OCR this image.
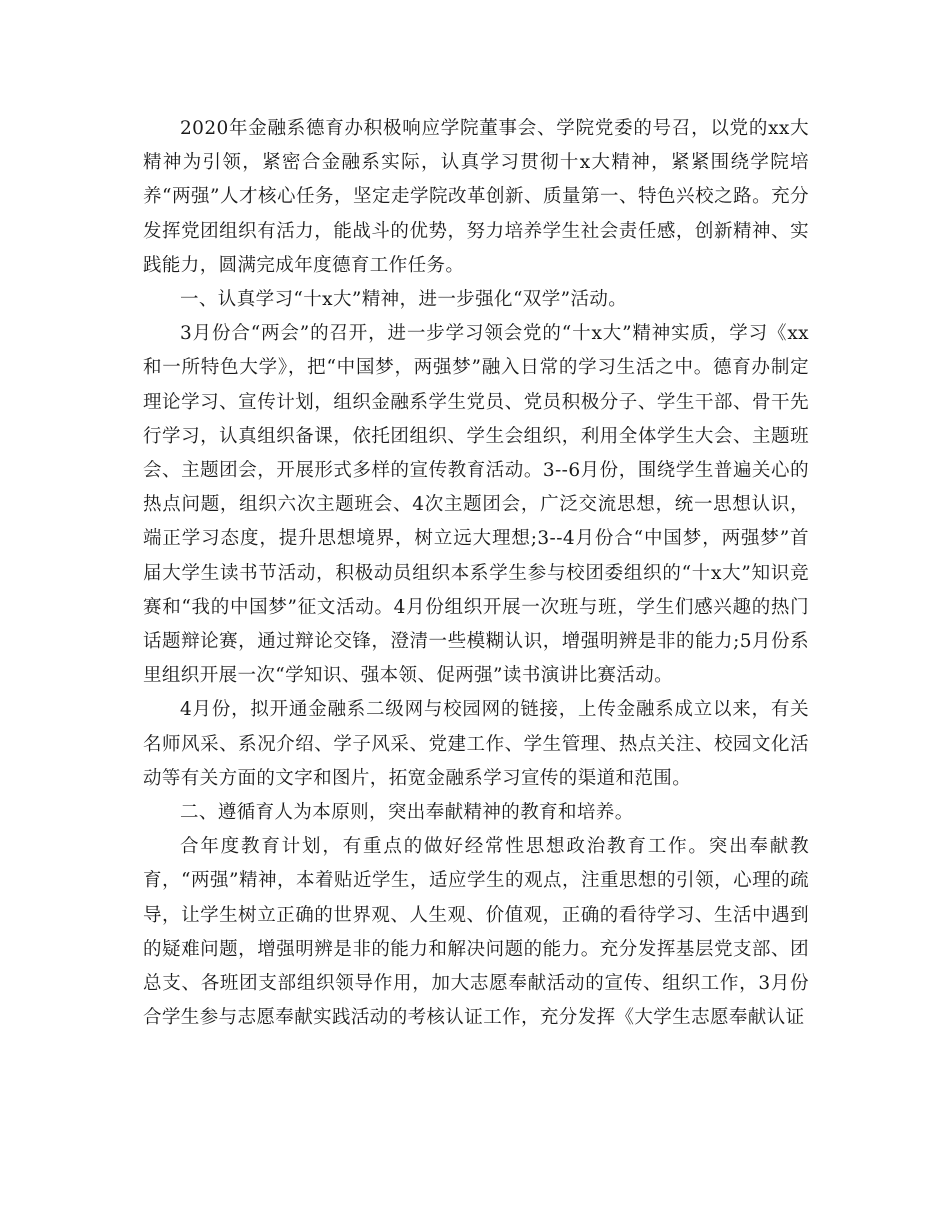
2020年金融系德育办积极响应学院董事会、学院党委的号召，以党的xx大精神为引领，紧密合金融系实际，认真学习贯彻十x大精神，紧紧围绕学院培养“两强”人才核心任务，坚定走学院改革创新、质量第一、特色兴校之路。充分发挥党团组织有活力，能战斗的优势，努力培养学生社会责任感，创新精神、实践能力，圆满完成年度德育工作任务。

一、认真学习“十x大”精神，进一步强化“双学”活动。

3月份合“两会”的召开，进一步学习领会党的“十x大”精神实质，学习《xx和一所特色大学》，把“中国梦，两强梦”融入日常的学习生活之中。德育办制定理论学习、宣传计划，组织金融系学生党员、党员积极分子、学生干部、骨干先行学习，认真组织备课，依托团组织、学生会组织，利用全体学生大会、主题班会、主题团会，开展形式多样的宣传教育活动。3--6月份，围绕学生普遍关心的热点问题，组织六次主题班会、4次主题团会，广泛交流思想，统一思想认识，端正学习态度，提升思想境界，树立远大理想;3--4月份合“中国梦，两强梦”首届大学生读书节活动，积极动员组织本系学生参与校团委组织的“十x大”知识竞赛和“我的中国梦”征文活动。4月份组织开展一次班与班，学生们感兴趣的热门话题辩论赛，通过辩论交锋，澄清一些模糊认识，增强明辨是非的能力;5月份系里组织开展一次“学知识、强本领、促两强”读书演讲比赛活动。

4月份，拟开通金融系二级网与校园网的链接，上传金融系成立以来，有关名师风采、系况介绍、学子风采、党建工作、学生管理、热点关注、校园文化活动等有关方面的文字和图片，拓宽金融系学习宣传的渠道和范围。

二、遵循育人为本原则，突出奉献精神的教育和培养。

合年度教育计划，有重点的做好经常性思想政治教育工作。突出奉献教育，“两强”精神，本着贴近学生，适应学生的观点，注重思想的引领，心理的疏导，让学生树立正确的世界观、人生观、价值观，正确的看待学习、生活中遇到的疑难问题，增强明辨是非的能力和解决问题的能力。充分发挥基层党支部、团总支、各班团支部组织领导作用，加大志愿奉献活动的宣传、组织工作，3月份合学生参与志愿奉献实践活动的考核认证工作，充分发挥《大学生志愿奉献认证
